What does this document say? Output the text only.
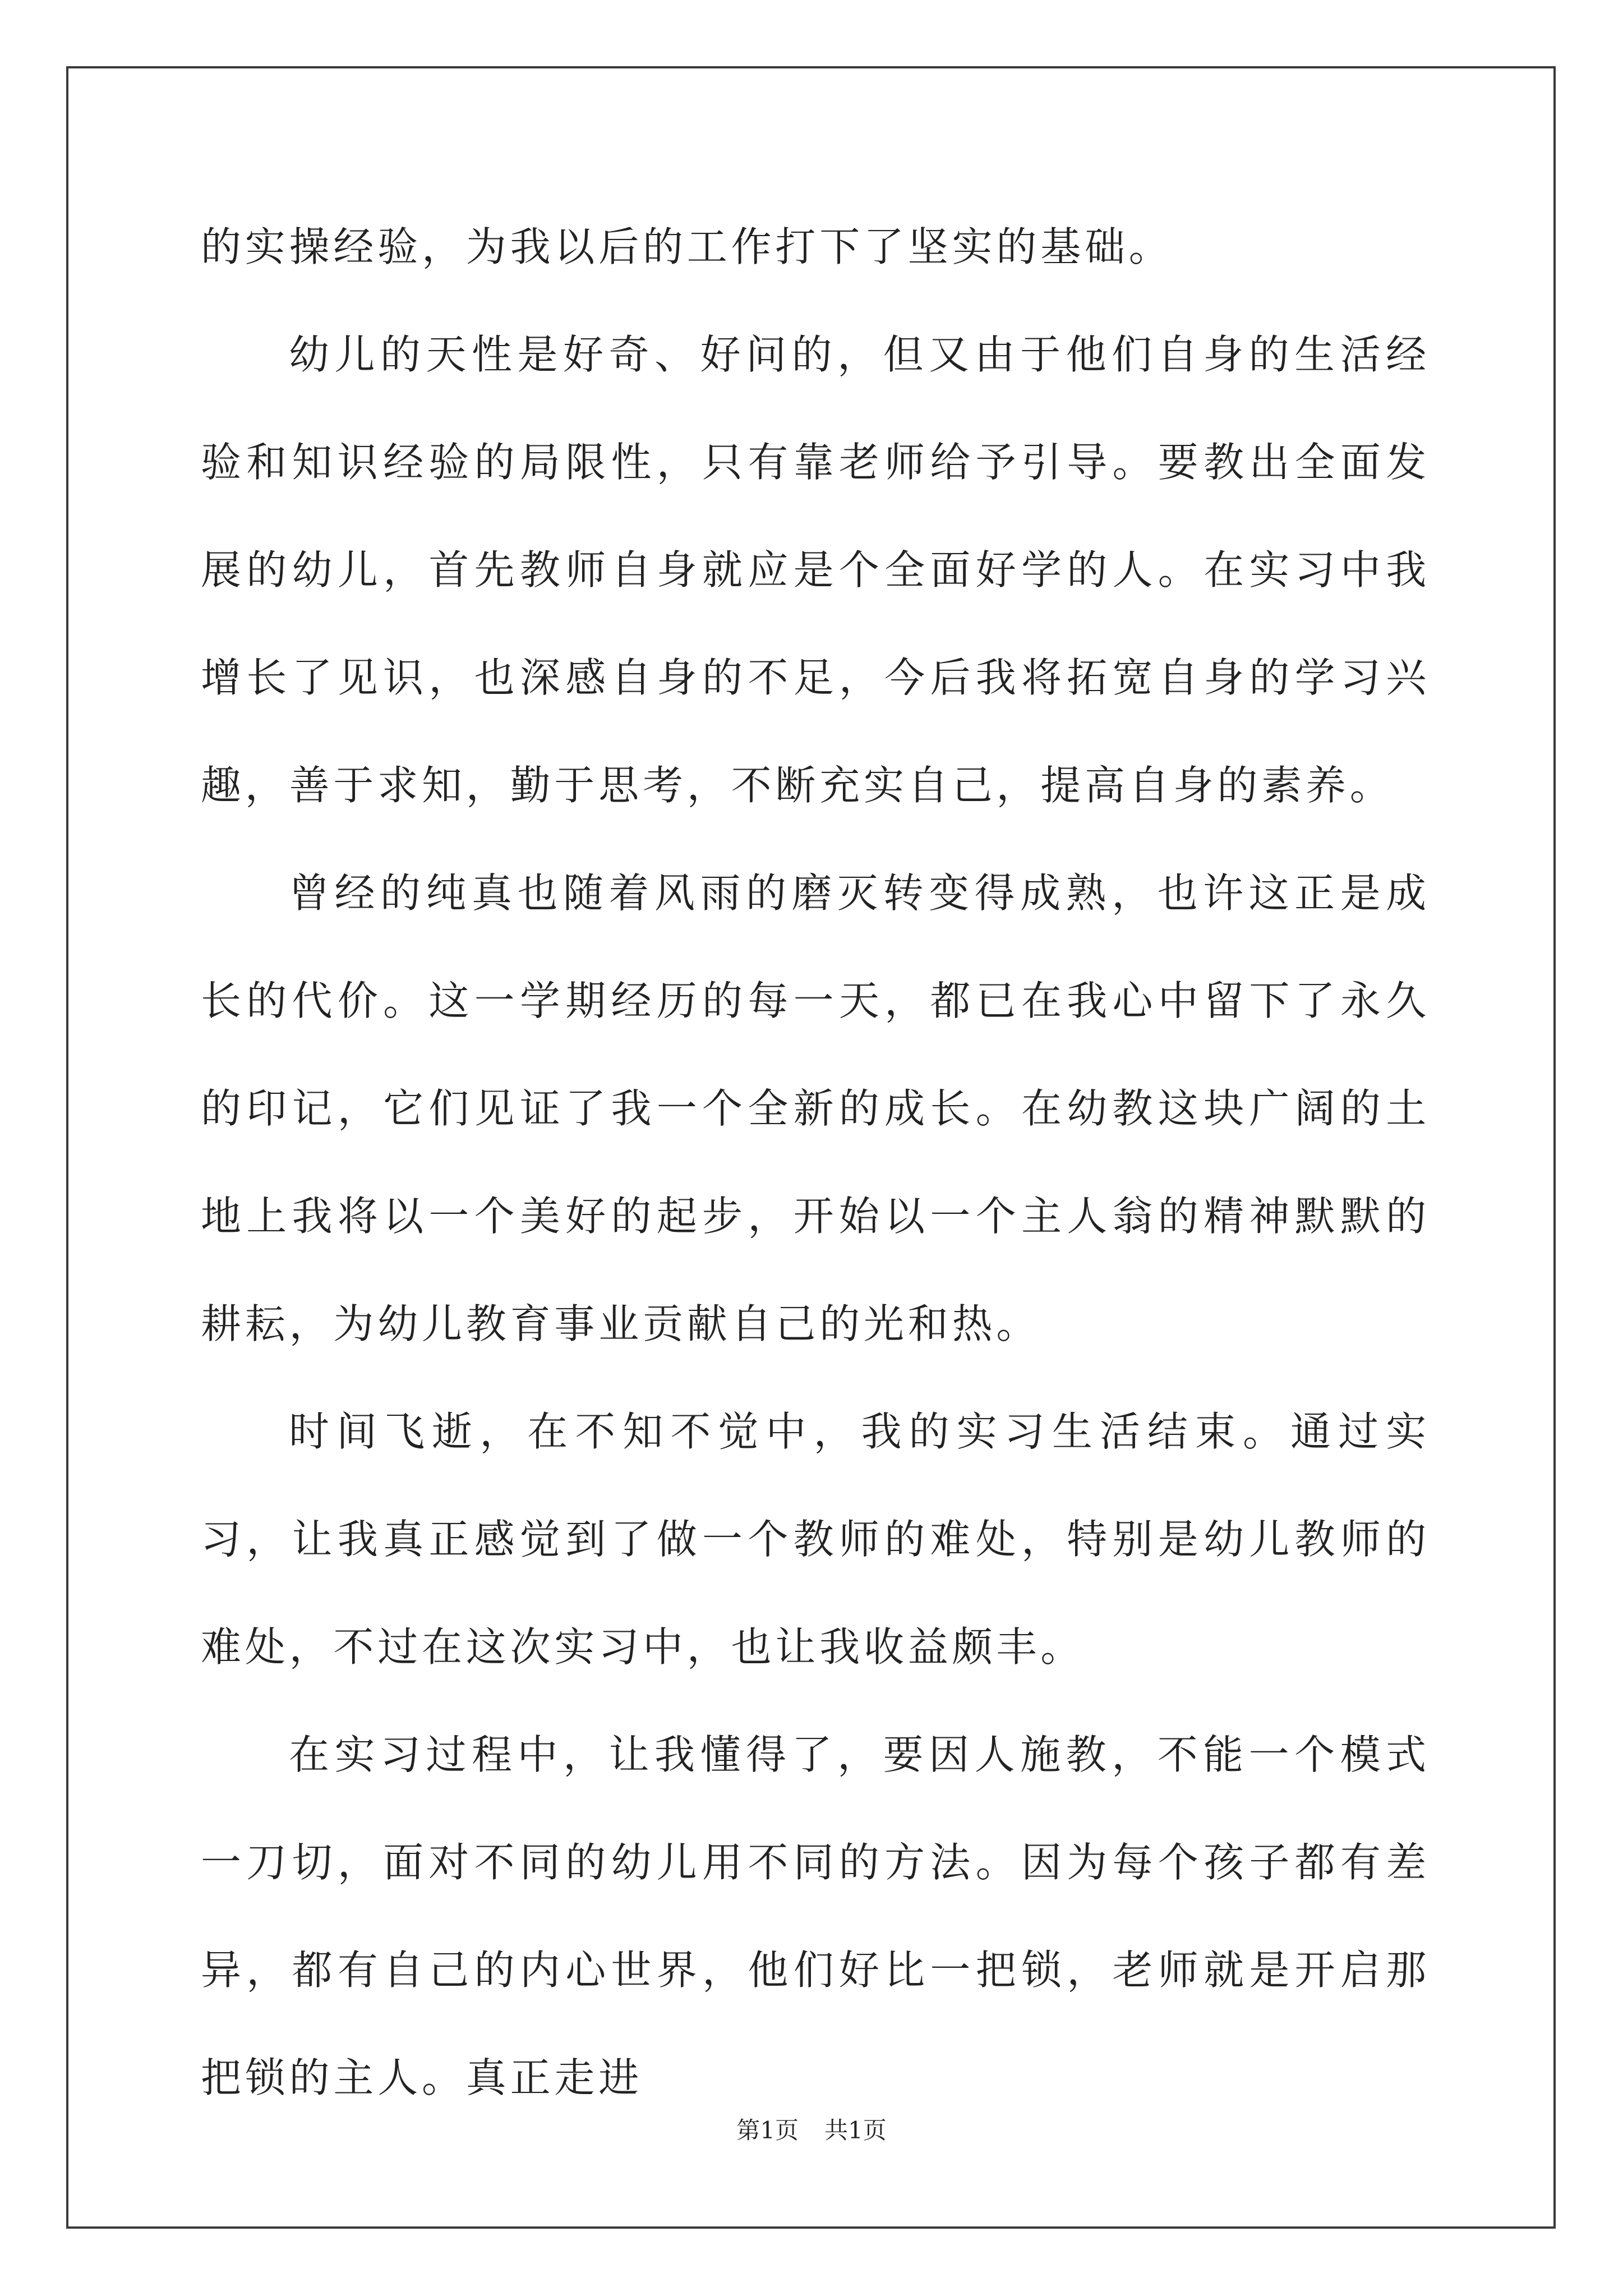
的实操经验，为我以后的工作打下了坚实的基础。

幼儿的天性是好奇、好问的，但又由于他们自身的生活经验和知识经验的局限性，只有靠老师给予引导。要教出全面发展的幼儿，首先教师自身就应是个全面好学的人。在实习中我增长了见识，也深感自身的不足，今后我将拓宽自身的学习兴趣，善于求知，勤于思考，不断充实自己，提高自身的素养。

曾经的纯真也随着风雨的磨灭转变得成熟，也许这正是成长的代价。这一学期经历的每一天，都已在我心中留下了永久的印记，它们见证了我一个全新的成长。在幼教这块广阔的土地上我将以一个美好的起步，开始以一个主人翁的精神默默的耕耘，为幼儿教育事业贡献自己的光和热。

时间飞逝，在不知不觉中，我的实习生活结束。通过实习，让我真正感觉到了做一个教师的难处，特别是幼儿教师的难处，不过在这次实习中，也让我收益颇丰。

在实习过程中，让我懂得了，要因人施教，不能一个模式一刀切，面对不同的幼儿用不同的方法。因为每个孩子都有差异，都有自己的内心世界，他们好比一把锁，老师就是开启那把锁的主人。真正走进

第1页 共1页
